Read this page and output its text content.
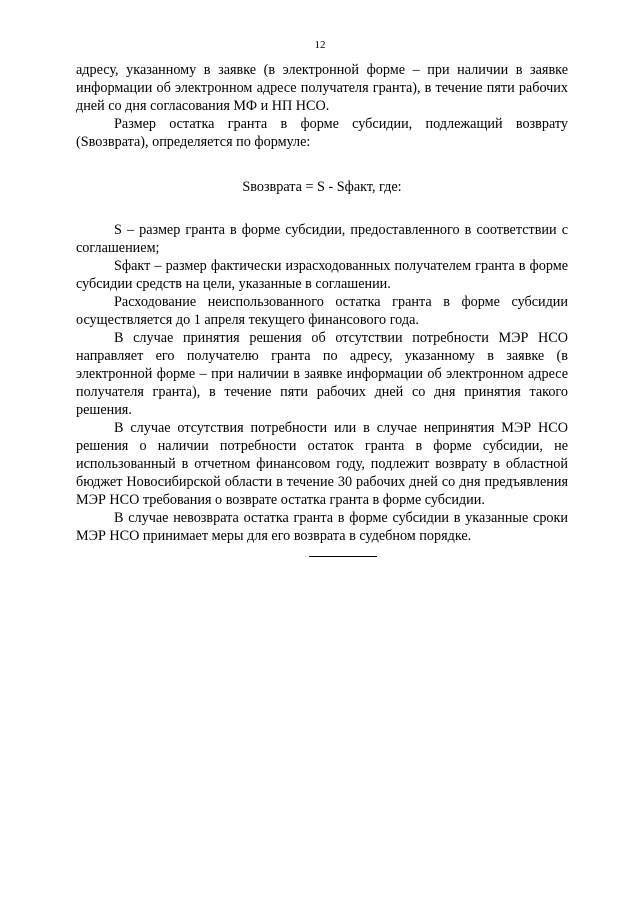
12

адресу, указанному в заявке (в электронной форме – при наличии в заявке информации об электронном адресе получателя гранта), в течение пяти рабочих дней со дня согласования МФ и НП НСО.

Размер остатка гранта в форме субсидии, подлежащий возврату (Sвозврата), определяется по формуле:

Sвозврата = S - Sфакт, где:

S – размер гранта в форме субсидии, предоставленного в соответствии с соглашением;

Sфакт – размер фактически израсходованных получателем гранта в форме субсидии средств на цели, указанные в соглашении.

Расходование неиспользованного остатка гранта в форме субсидии осуществляется до 1 апреля текущего финансового года.

В случае принятия решения об отсутствии потребности МЭР НСО направляет его получателю гранта по адресу, указанному в заявке (в электронной форме – при наличии в заявке информации об электронном адресе получателя гранта), в течение пяти рабочих дней со дня принятия такого решения.

В случае отсутствия потребности или в случае непринятия МЭР НСО решения о наличии потребности остаток гранта в форме субсидии, не использованный в отчетном финансовом году, подлежит возврату в областной бюджет Новосибирской области в течение 30 рабочих дней со дня предъявления МЭР НСО требования о возврате остатка гранта в форме субсидии.

В случае невозврата остатка гранта в форме субсидии в указанные сроки МЭР НСО принимает меры для его возврата в судебном порядке.
